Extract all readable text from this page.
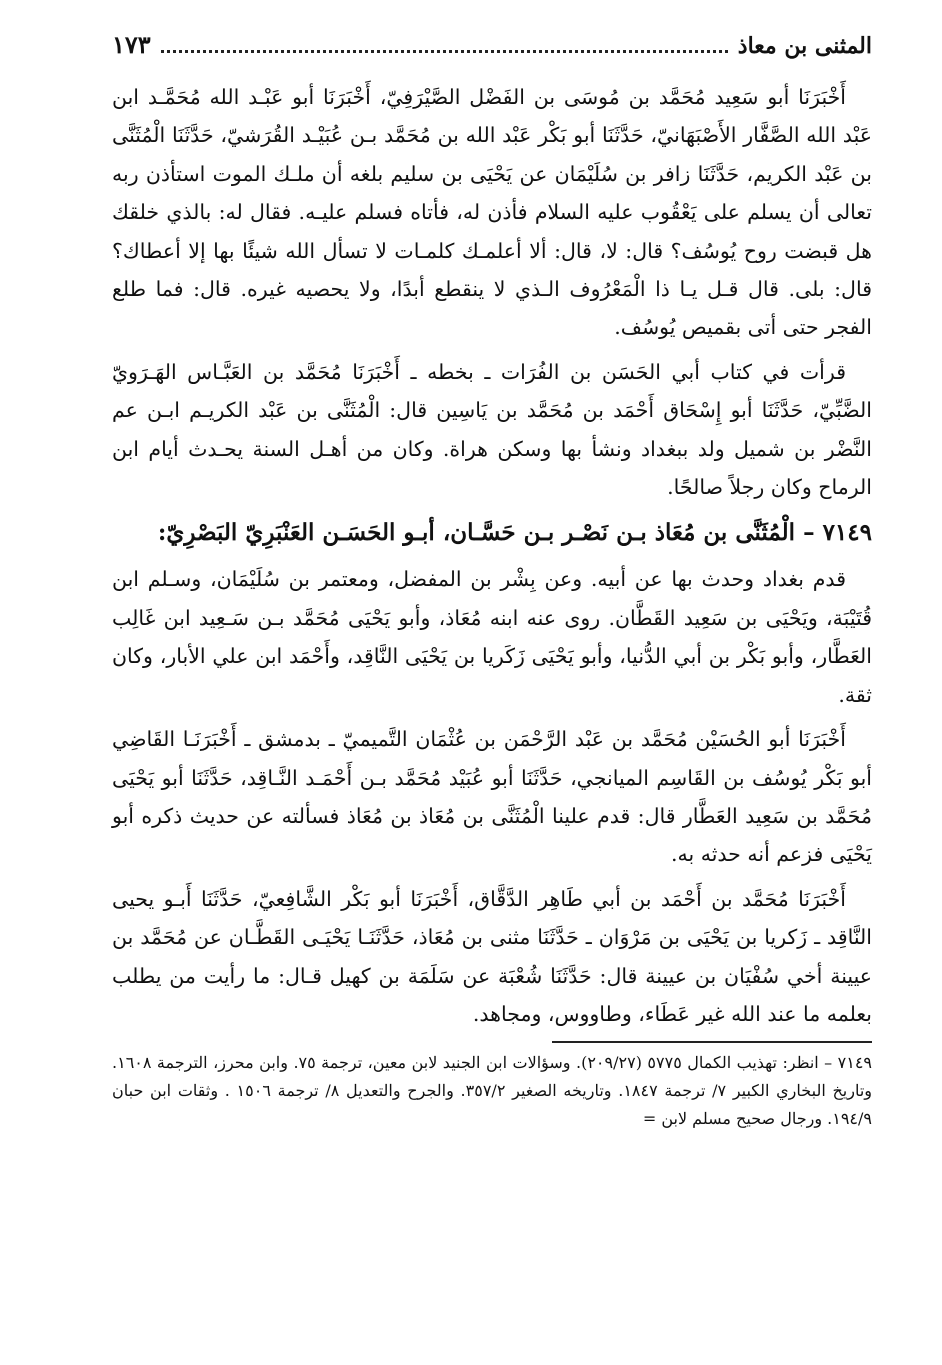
المثنى بن معاذ
١٧٣

أَخْبَرَنَا أبو سَعِيد مُحَمَّد بن مُوسَى بن الفَضْل الصَّيْرَفِيّ، أَخْبَرَنَا أبو عَبْـد الله مُحَمَّـد ابن عَبْد الله الصَّفَّار الأَصْبَهَانيّ، حَدَّثَنَا أبو بَكْر عَبْد الله بن مُحَمَّد بـن عُبَيْـد القُرَشيّ، حَدَّثَنَا الْمُثَنَّى بن عَبْد الكريم، حَدَّثَنَا زافر بن سُلَيْمَان عن يَحْيَى بن سليم بلغه أن ملـك الموت استأذن ربه تعالى أن يسلم على يَعْقُوب عليه السلام فأذن له، فأتاه فسلم عليـه. فقال له: بالذي خلقك هل قبضت روح يُوسُف؟ قال: لا، قال: ألا أعلمـك كلمـات لا تسأل الله شيئًا بها إلا أعطاك؟ قال: بلى. قال قـل يـا ذا الْمَعْرُوف الـذي لا ينقطع أبدًا، ولا يحصيه غيره. قال: فما طلع الفجر حتى أتى بقميص يُوسُف.

قرأت في كتاب أبي الحَسَن بن الفُرَات ـ بخطه ـ أَخْبَرَنَا مُحَمَّد بن العَبَّـاس الهَـرَويّ الضَّبِّيّ، حَدَّثَنَا أبو إِسْحَاق أَحْمَد بن مُحَمَّد بن يَاسِين قال: الْمُثَنَّى بن عَبْد الكريـم ابـن عم النَّضْر بن شميل ولد ببغداد ونشأ بها وسكن هراة. وكان من أهـل السنة يحـدث أيام ابن الرماح وكان رجلاً صالحًا.

٧١٤٩ – الْمُثَنَّى بن مُعَاذ بـن نَصْـر بـن حَسَّـان، أبـو الحَسَـن العَنْبَرِيّ البَصْرِيّ:

قدم بغداد وحدث بها عن أبيه. وعن بِشْر بن المفضل، ومعتمر بن سُلَيْمَان، وسـلم ابن قُتَيْبَة، ويَحْيَى بن سَعِيد القَطَّان. روى عنه ابنه مُعَاذ، وأبو يَحْيَى مُحَمَّد بـن سَـعِيد ابن غَالِب العَطَّار، وأبو بَكْر بن أبي الدُّنيا، وأبو يَحْيَى زَكَريا بن يَحْيَى النَّاقِد، وأَحْمَد ابن علي الأبار، وكان ثقة.

أَخْبَرَنَا أبو الحُسَيْن مُحَمَّد بن عَبْد الرَّحْمَن بن عُثْمَان التَّميميّ ـ بدمشق ـ أَخْبَرَنَـا القَاضِي أبو بَكْر يُوسُف بن القَاسِم الميانجي، حَدَّثَنَا أبو عُبَيْد مُحَمَّد بـن أَحْمَـد النَّـاقِد، حَدَّثَنَا أبو يَحْيَى مُحَمَّد بن سَعِيد العَطَّار قال: قدم علينا الْمُثَنَّى بن مُعَاذ بن مُعَاذ فسألته عن حديث ذكره أبو يَحْيَى فزعم أنه حدثه به.

أَخْبَرَنَا مُحَمَّد بن أَحْمَد بن أبي طَاهِر الدَّقَّاق، أَخْبَرَنَا أبو بَكْر الشَّافِعيّ، حَدَّثَنَا أَبـو يحيى النَّاقِد ـ زَكريا بن يَحْيَى بن مَرْوَان ـ حَدَّثَنَا مثنى بن مُعَاذ، حَدَّثَنَـا يَحْيَـى القَطَّـان عن مُحَمَّد بن عيينة أخي سُفْيَان بن عيينة قال: حَدَّثَنَا شُعْبَة عن سَلَمَة بن كهيل قـال: ما رأيت من يطلب بعلمه ما عند الله غير عَطَاء، وطاووس، ومجاهد.

٧١٤٩ – انظر: تهذيب الكمال ٥٧٧٥ (٢٠٩/٢٧). وسؤالات ابن الجنيد لابن معين، ترجمة ٧٥. وابن محرز، الترجمة ١٦٠٨. وتاريخ البخاري الكبير ٧/ ترجمة ١٨٤٧. وتاريخه الصغير ٣٥٧/٢. والجرح والتعديل ٨/ ترجمة ١٥٠٦ . وثقات ابن حبان ١٩٤/٩. ورجال صحيح مسلم لابن =
